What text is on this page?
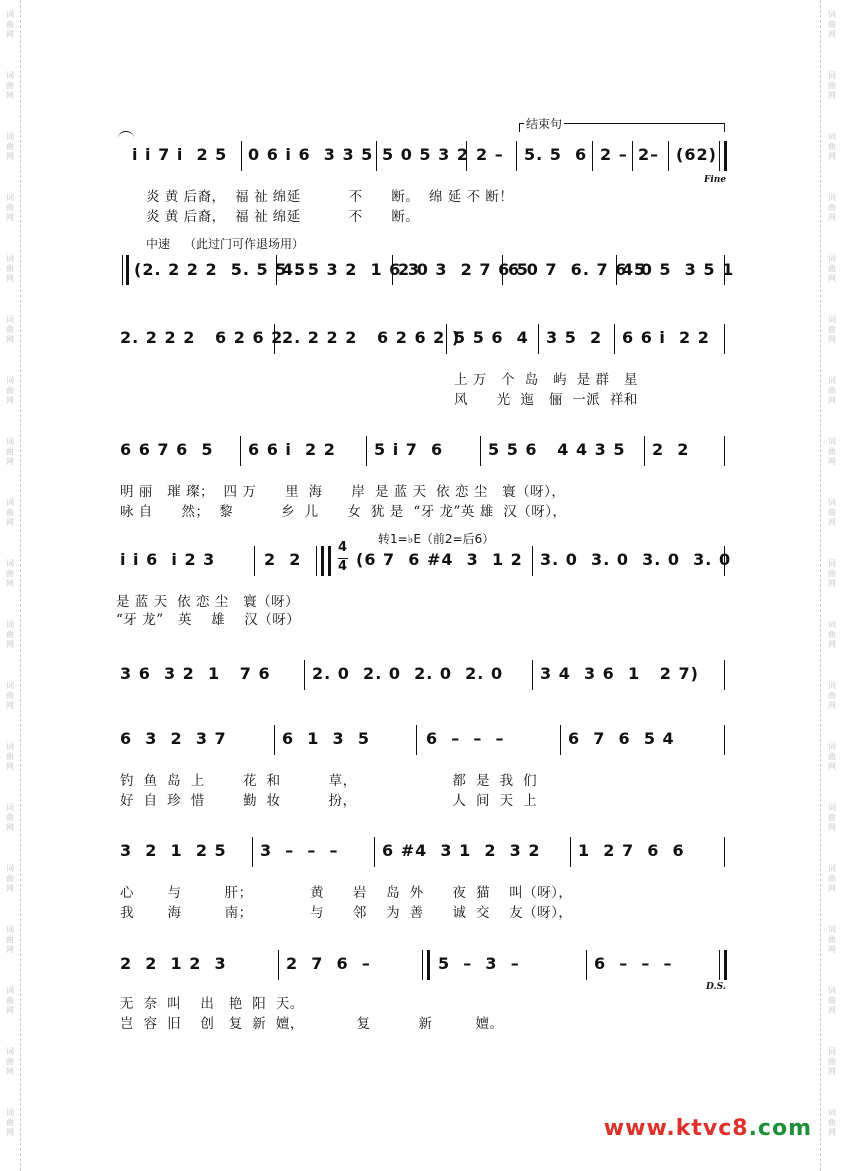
词曲网
词曲网
词曲网
词曲网
词曲网
词曲网
词曲网
词曲网
词曲网
词曲网
词曲网
词曲网
词曲网
词曲网
词曲网
词曲网
词曲网
词曲网
词曲网
词曲网
词曲网
词曲网
词曲网
词曲网
词曲网
词曲网
词曲网
词曲网
词曲网
词曲网
词曲网
词曲网
词曲网
词曲网
词曲网
词曲网
词曲网
词曲网
结束句
i i 7 i  2 5 0 6 i 6  3 3 5 5 0 5 3 2 2 – 5. 5  6 2 – 2– (62)
Fine
炎 黄 后裔，  福 祉 绵延          不      断。  绵 延 不 断！
炎 黄 后裔，  福 祉 绵延          不      断。
中速 （此过门可作退场用）
(2. 2 2 2  5. 5 5 5
4. 5 3 2  1 6 3
2 0 3  2 7 6 5
6 0 7  6. 7 6 5
4 0 5  3 5 1
2. 2 2 2   6 2 6 2
2. 2 2 2   6 2 6 2 )
5 5 6  4 3 5  2 6 6 i  2 2
上 万   个  岛   屿  是 群   星
风      光  迤   俪  一派  祥和
6 6 7 6  5 6 6 i  2 2 5 i 7  6	5 5 6   4 4 3 5 2  2
明 丽   璀 璨；  四 万      里  海      岸  是 蓝 天  依 恋 尘   寰（呀），
咏 自      然；  黎          乡  儿      女  犹 是  “牙 龙”英 雄  汉（呀），
转1=♭E（前2=后6）
i i 6  i 2 3	2  2
4
4 (6 7  6 #4  3  1 2 3. 0  3. 0  3. 0  3. 0
是 蓝 天  依 恋 尘   寰（呀）
“牙 龙”   英    雄    汉（呀）
3 6  3 2  1   7 6	2. 0  2. 0  2. 0  2. 0 3 4  3 6  1   2 7)
6  3  2  3 7	6  1  3  5	6  –  –  –	6  7  6  5 4
钓  鱼  岛  上        花  和          草，                    都  是  我  们
好  自  珍  惜        勤  妆          扮，                    人  间  天  上
3  2  1  2 5 3  –  –  –	6 #4  3 1  2  3 2 1  2 7  6  6
心       与         肝；            黄      岩    岛  外      夜  猫    叫（呀），
我       海         南；            与      邻    为  善      诚  交    友（呀），
2  2  1 2  3	2  7  6  –	5  –  3  –	6  –  –  –
D.S.
无  奈  叫    出   艳  阳  天。
岂  容  旧    创   复  新  嬗，           复          新         嬗。
www.ktvc8.com
